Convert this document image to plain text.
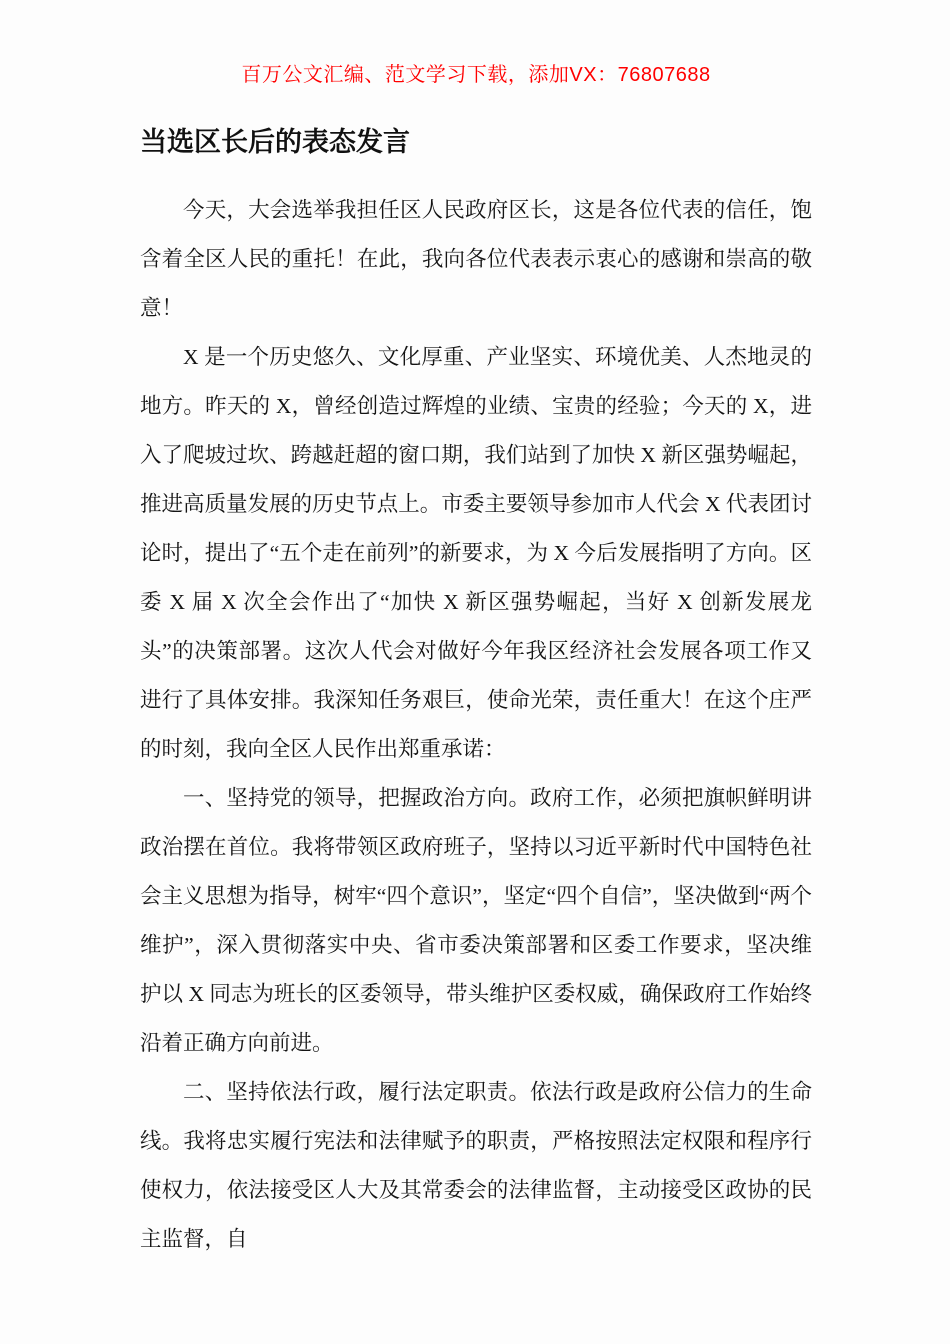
百万公文汇编、范文学习下载，添加VX：76807688
当选区长后的表态发言

今天，大会选举我担任区人民政府区长，这是各位代表的信任，饱含着全区人民的重托！在此，我向各位代表表示衷心的感谢和崇高的敬意！

X 是一个历史悠久、文化厚重、产业坚实、环境优美、人杰地灵的地方。昨天的 X，曾经创造过辉煌的业绩、宝贵的经验；今天的 X，进入了爬坡过坎、跨越赶超的窗口期，我们站到了加快 X 新区强势崛起，推进高质量发展的历史节点上。市委主要领导参加市人代会 X 代表团讨论时，提出了“五个走在前列”的新要求，为 X 今后发展指明了方向。区委 X 届 X 次全会作出了“加快 X 新区强势崛起，当好 X 创新发展龙头”的决策部署。这次人代会对做好今年我区经济社会发展各项工作又进行了具体安排。我深知任务艰巨，使命光荣，责任重大！在这个庄严的时刻，我向全区人民作出郑重承诺：

一、坚持党的领导，把握政治方向。政府工作，必须把旗帜鲜明讲政治摆在首位。我将带领区政府班子，坚持以习近平新时代中国特色社会主义思想为指导，树牢“四个意识”，坚定“四个自信”，坚决做到“两个维护”，深入贯彻落实中央、省市委决策部署和区委工作要求，坚决维护以 X 同志为班长的区委领导，带头维护区委权威，确保政府工作始终沿着正确方向前进。

二、坚持依法行政，履行法定职责。依法行政是政府公信力的生命线。我将忠实履行宪法和法律赋予的职责，严格按照法定权限和程序行使权力，依法接受区人大及其常委会的法律监督，主动接受区政协的民主监督，自
